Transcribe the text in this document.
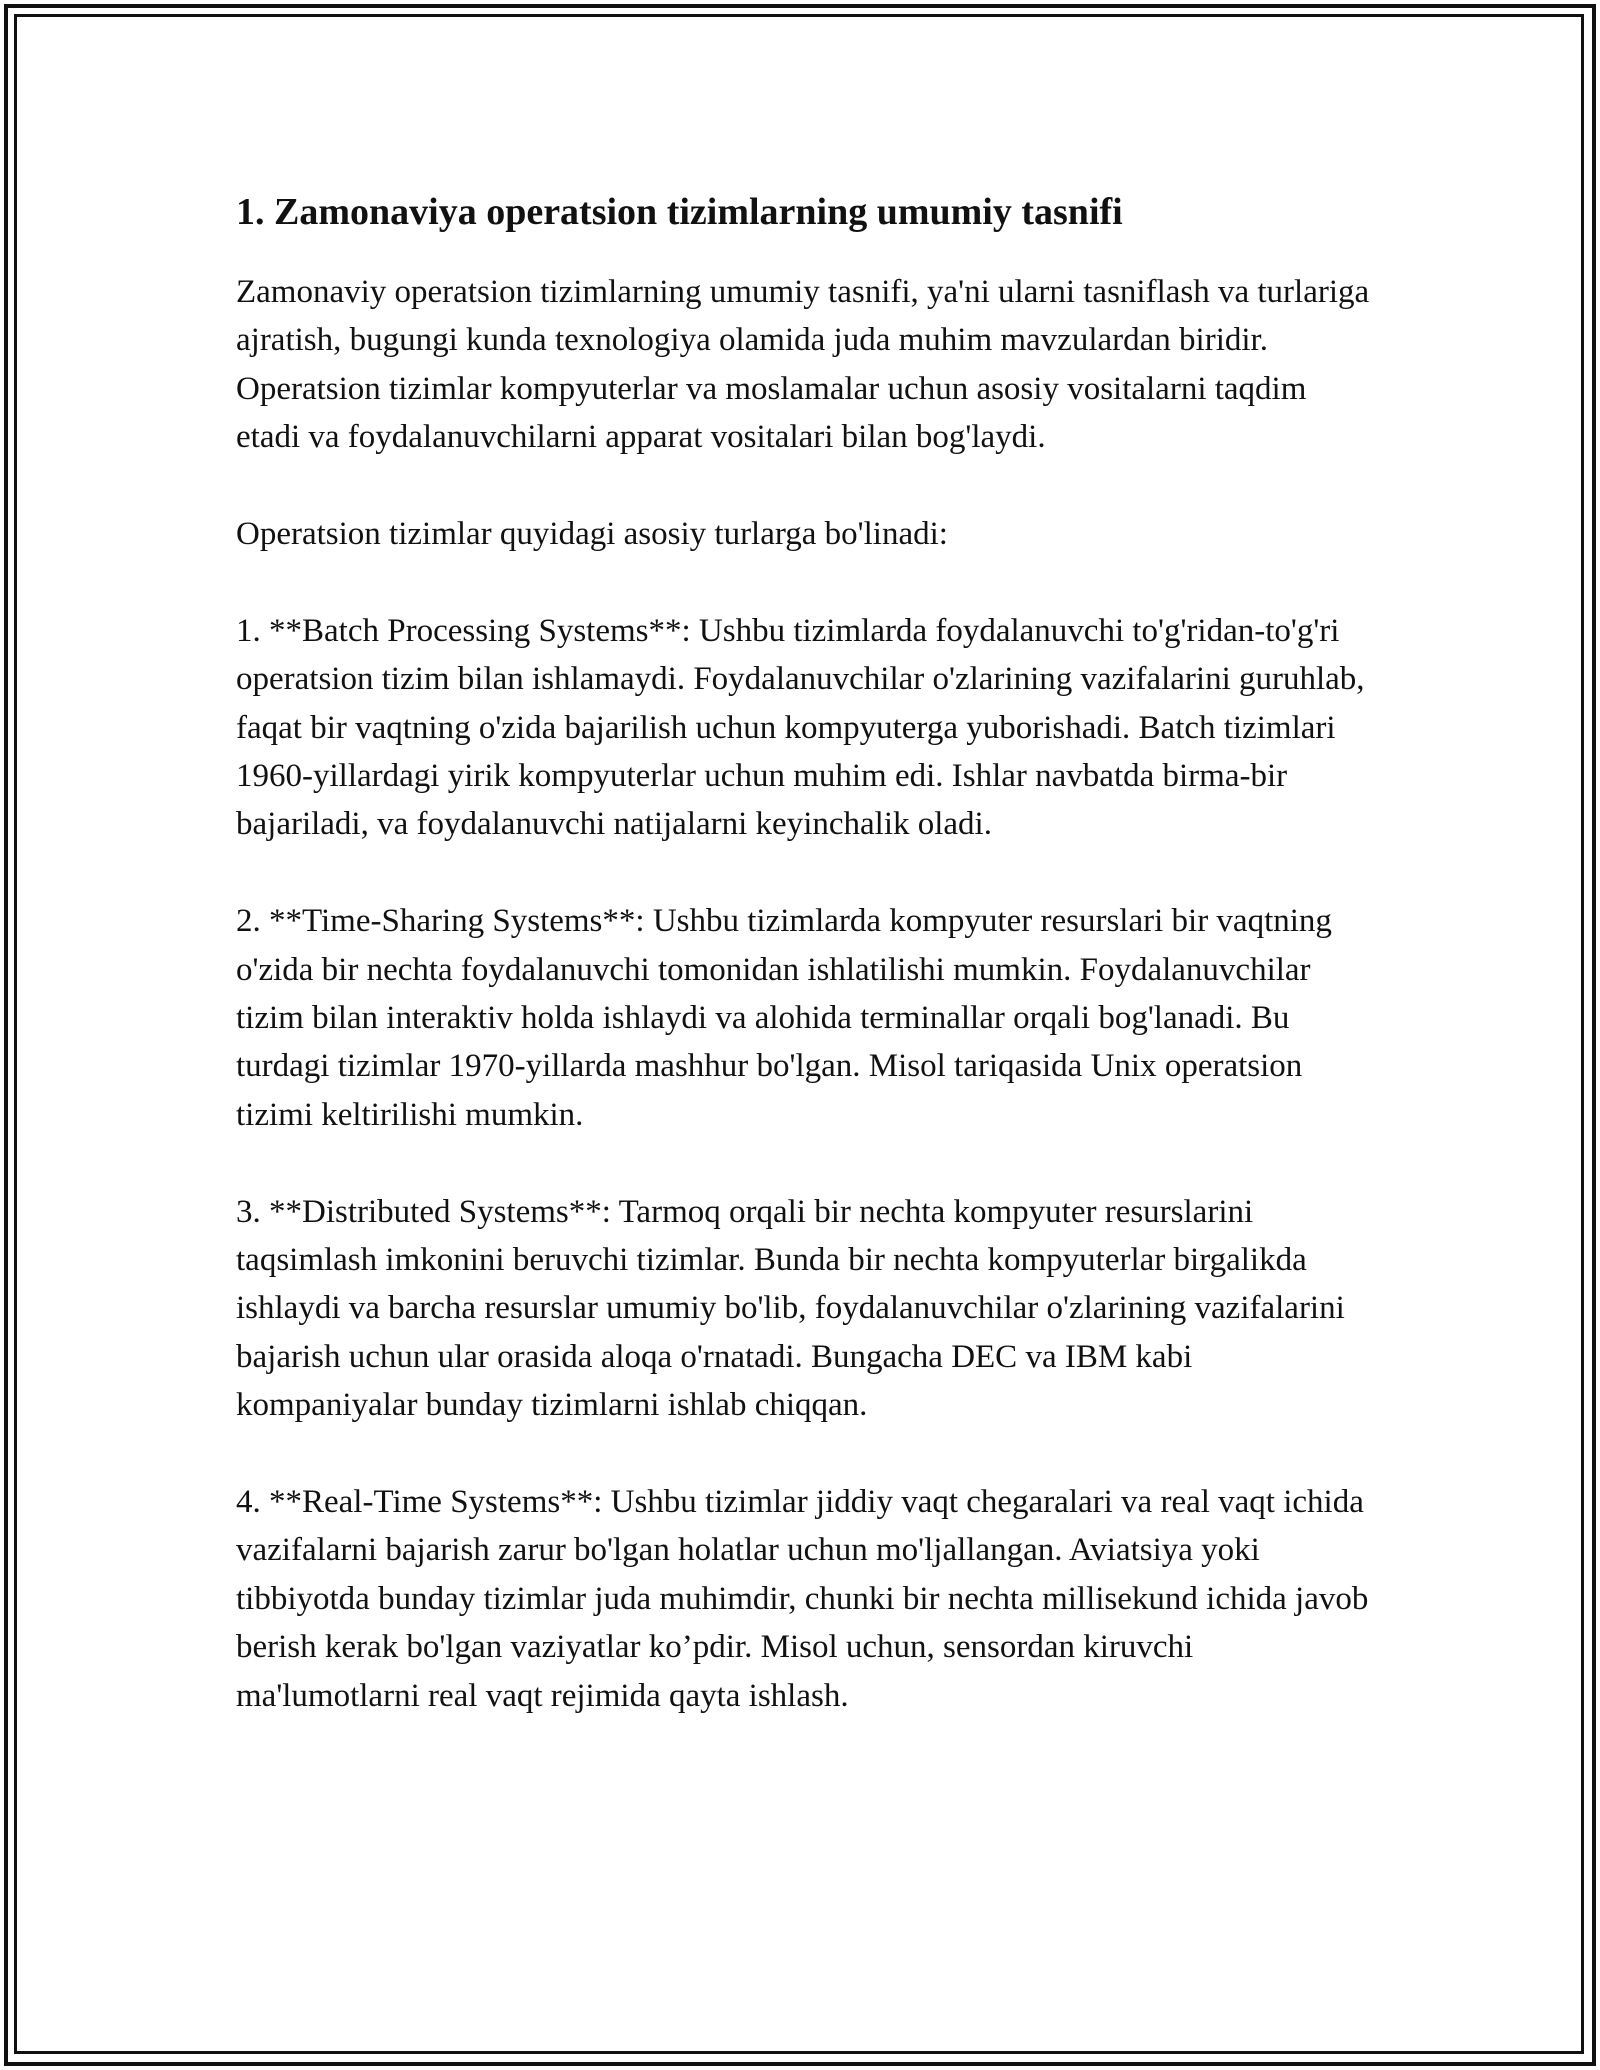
1. Zamonaviya operatsion tizimlarning umumiy tasnifi

Zamonaviy operatsion tizimlarning umumiy tasnifi, ya'ni ularni tasniflash va turlariga ajratish, bugungi kunda texnologiya olamida juda muhim mavzulardan biridir. Operatsion tizimlar kompyuterlar va moslamalar uchun asosiy vositalarni taqdim etadi va foydalanuvchilarni apparat vositalari bilan bog'laydi.

Operatsion tizimlar quyidagi asosiy turlarga bo'linadi:

1. **Batch Processing Systems**: Ushbu tizimlarda foydalanuvchi to'g'ridan-to'g'ri operatsion tizim bilan ishlamaydi. Foydalanuvchilar o'zlarining vazifalarini guruhlab, faqat bir vaqtning o'zida bajarilish uchun kompyuterga yuborishadi. Batch tizimlari 1960-yillardagi yirik kompyuterlar uchun muhim edi. Ishlar navbatda birma-bir bajariladi, va foydalanuvchi natijalarni keyinchalik oladi.

2. **Time-Sharing Systems**: Ushbu tizimlarda kompyuter resurslari bir vaqtning o'zida bir nechta foydalanuvchi tomonidan ishlatilishi mumkin. Foydalanuvchilar tizim bilan interaktiv holda ishlaydi va alohida terminallar orqali bog'lanadi. Bu turdagi tizimlar 1970-yillarda mashhur bo'lgan. Misol tariqasida Unix operatsion tizimi keltirilishi mumkin.

3. **Distributed Systems**: Tarmoq orqali bir nechta kompyuter resurslarini taqsimlash imkonini beruvchi tizimlar. Bunda bir nechta kompyuterlar birgalikda ishlaydi va barcha resurslar umumiy bo'lib, foydalanuvchilar o'zlarining vazifalarini bajarish uchun ular orasida aloqa o'rnatadi. Bungacha DEC va IBM kabi kompaniyalar bunday tizimlarni ishlab chiqqan.

4. **Real-Time Systems**: Ushbu tizimlar jiddiy vaqt chegaralari va real vaqt ichida vazifalarni bajarish zarur bo'lgan holatlar uchun mo'ljallangan. Aviatsiya yoki tibbiyotda bunday tizimlar juda muhimdir, chunki bir nechta millisekund ichida javob berish kerak bo'lgan vaziyatlar ko’pdir. Misol uchun, sensordan kiruvchi ma'lumotlarni real vaqt rejimida qayta ishlash.
